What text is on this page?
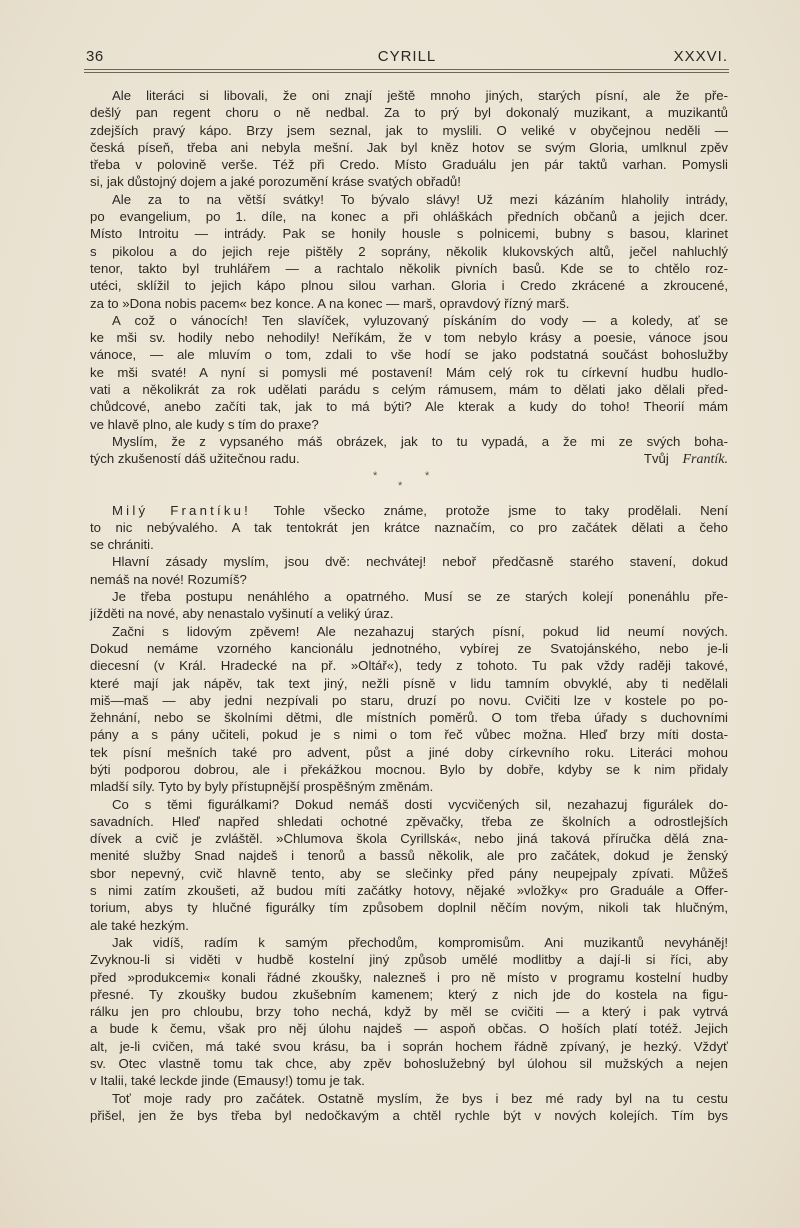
36	CYRILL	XXXVI.
Ale literáci si libovali, že oni znají ještě mnoho jiných, starých písní, ale že pře-
dešlý pan regent choru o ně nedbal. Za to prý byl dokonalý muzikant, a muzikantů
zdejších pravý kápo. Brzy jsem seznal, jak to myslili. O veliké v obyčejnou neděli —
česká píseň, třeba ani nebyla mešní. Jak byl kněz hotov se svým Gloria, umlknul zpěv
třeba v polovině verše. Též při Credo. Místo Graduálu jen pár taktů varhan. Pomysli
si, jak důstojný dojem a jaké porozumění kráse svatých obřadů!
Ale za to na větší svátky! To bývalo slávy! Už mezi kázáním hlaholily intrády,
po evangelium, po 1. díle, na konec a při ohláškách předních občanů a jejich dcer.
Místo Introitu — intrády. Pak se honily housle s polnicemi, bubny s basou, klarinet
s pikolou a do jejich reje pištěly 2 soprány, několik klukovských altů, ječel nahluchlý
tenor, takto byl truhlářem — a rachtalo několik pivních basů. Kde se to chtělo roz-
utéci, sklížil to jejich kápo plnou silou varhan. Gloria i Credo zkrácené a zkroucené,
za to »Dona nobis pacem« bez konce. A na konec — marš, opravdový řízný marš.
A což o vánocích! Ten slavíček, vyluzovaný pískáním do vody — a koledy, ať se
ke mši sv. hodily nebo nehodily! Neříkám, že v tom nebylo krásy a poesie, vánoce jsou
vánoce, — ale mluvím o tom, zdali to vše hodí se jako podstatná součást bohoslužby
ke mši svaté! A nyní si pomysli mé postavení! Mám celý rok tu církevní hudbu hudlo-
vati a několikrát za rok udělati parádu s celým rámusem, mám to dělati jako dělali před-
chůdcové, anebo začíti tak, jak to má býti? Ale kterak a kudy do toho! Theorií mám
ve hlavě plno, ale kudy s tím do praxe?
Myslím, že z vypsaného máš obrázek, jak to tu vypadá, a že mi ze svých boha-
tých zkušeností dáš užitečnou radu.	Tvůj Frantík.
*	*
*
Milý Frantíku! Tohle všecko známe, protože jsme to taky prodělali. Není
to nic nebývalého. A tak tentokrát jen krátce naznačím, co pro začátek dělati a čeho
se chrániti.
Hlavní zásady myslím, jsou dvě: nechvátej! neboř předčasně starého stavení, dokud
nemáš na nové! Rozumíš?
Je třeba postupu nenáhlého a opatrného. Musí se ze starých kolejí ponenáhlu pře-
jížděti na nové, aby nenastalo vyšinutí a veliký úraz.
Začni s lidovým zpěvem! Ale nezahazuj starých písní, pokud lid neumí nových.
Dokud nemáme vzorného kancionálu jednotného, vybírej ze Svatojánského, nebo je-li
diecesní (v Král. Hradecké na př. »Oltář«), tedy z tohoto. Tu pak vždy raději takové,
které mají jak nápěv, tak text jiný, nežli písně v lidu tamním obvyklé, aby ti nedělali
miš—maš — aby jedni nezpívali po staru, druzí po novu. Cvičiti lze v kostele po po-
žehnání, nebo se školními dětmi, dle místních poměrů. O tom třeba úřady s duchovními
pány a s pány učiteli, pokud je s nimi o tom řeč vůbec možna. Hleď brzy míti dosta-
tek písní mešních také pro advent, půst a jiné doby církevního roku. Literáci mohou
býti podporou dobrou, ale i překážkou mocnou. Bylo by dobře, kdyby se k nim přidaly
mladší síly. Tyto by byly přístupnější prospěšným změnám.
Co s těmi figurálkami? Dokud nemáš dosti vycvičených sil, nezahazuj figurálek do-
savadních. Hleď napřed shledati ochotné zpěvačky, třeba ze školních a odrostlejších
dívek a cvič je zvláštěl. »Chlumova škola Cyrillská«, nebo jiná taková příručka dělá zna-
menité služby Snad najdeš i tenorů a bassů několik, ale pro začátek, dokud je ženský
sbor nepevný, cvič hlavně tento, aby se slečinky před pány neupejpaly zpívati. Můžeš
s nimi zatím zkoušeti, až budou míti začátky hotovy, nějaké »vložky« pro Graduále a Offer-
torium, abys ty hlučné figurálky tím způsobem doplnil něčím novým, nikoli tak hlučným,
ale také hezkým.
Jak vidíš, radím k samým přechodům, kompromisům. Ani muzikantů nevyháněj!
Zvyknou-li si viděti v hudbě kostelní jiný způsob umělé modlitby a dají-li si říci, aby
před »produkcemi« konali řádné zkoušky, nalezneš i pro ně místo v programu kostelní hudby
přesné. Ty zkoušky budou zkušebním kamenem; který z nich jde do kostela na figu-
rálku jen pro chloubu, brzy toho nechá, když by měl se cvičiti — a který i pak vytrvá
a bude k čemu, však pro něj úlohu najdeš — aspoň občas. O hoších platí totéž. Jejich
alt, je-li cvičen, má také svou krásu, ba i soprán hochem řádně zpívaný, je hezký. Vždyť
sv. Otec vlastně tomu tak chce, aby zpěv bohoslužebný byl úlohou sil mužských a nejen
v Italii, také leckde jinde (Emausy!) tomu je tak.
Toť moje rady pro začátek. Ostatně myslím, že bys i bez mé rady byl na tu cestu
přišel, jen že bys třeba byl nedočkavým a chtěl rychle být v nových kolejích. Tím bys
